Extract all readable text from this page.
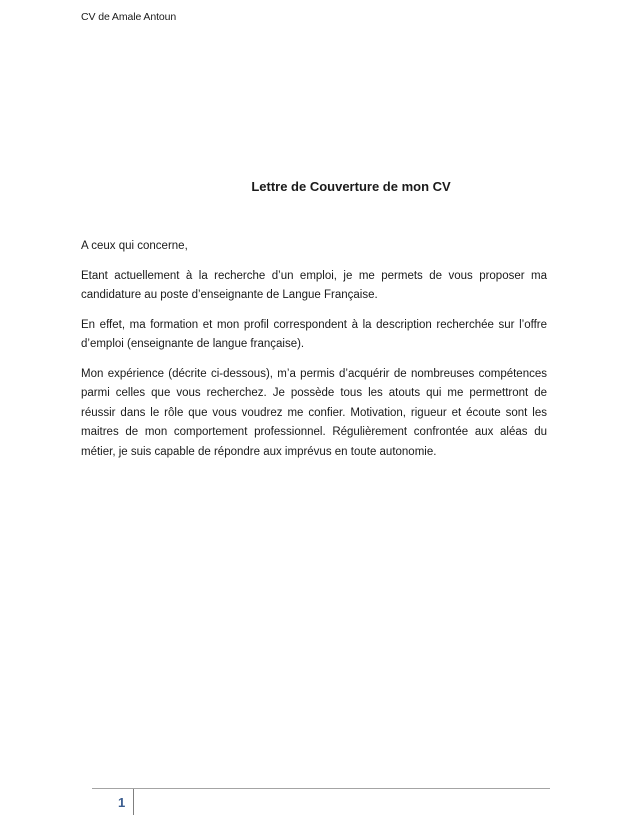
CV de Amale Antoun
Lettre de Couverture de mon CV

A ceux qui concerne,

Etant actuellement à la recherche d’un emploi, je me permets de vous proposer ma candidature au poste d’enseignante de Langue Française.

En effet, ma formation et mon profil correspondent à la description recherchée sur l’offre d’emploi (enseignante de langue française).

Mon expérience (décrite ci-dessous), m’a permis d’acquérir de nombreuses compétences parmi celles que vous recherchez. Je possède tous les atouts qui me permettront de réussir dans le rôle que vous voudrez me confier. Motivation, rigueur et écoute sont les maitres de mon comportement professionnel. Régulièrement confrontée aux aléas du métier, je suis capable de répondre aux imprévus en toute autonomie.

1
